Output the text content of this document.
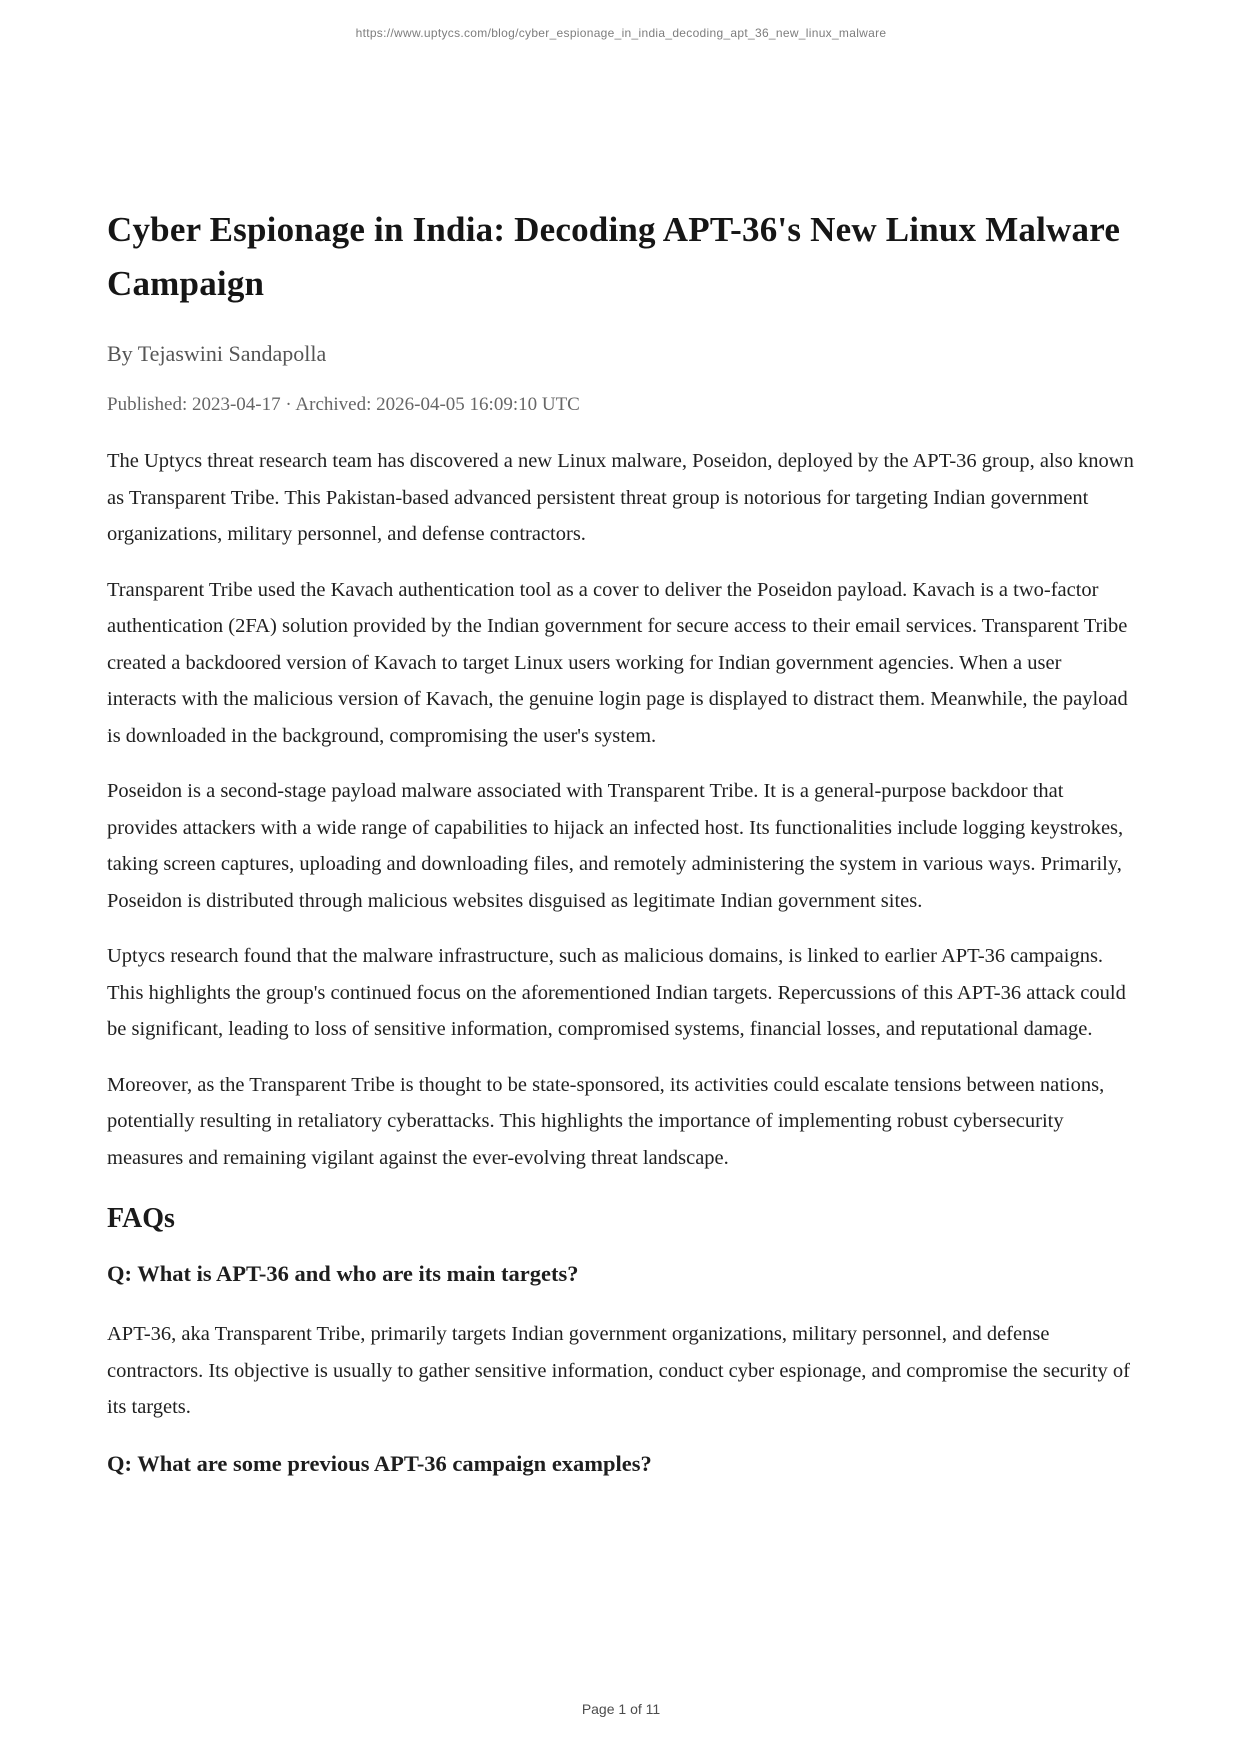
https://www.uptycs.com/blog/cyber_espionage_in_india_decoding_apt_36_new_linux_malware
Cyber Espionage in India: Decoding APT-36's New Linux Malware Campaign
By Tejaswini Sandapolla
Published: 2023-04-17 · Archived: 2026-04-05 16:09:10 UTC

The Uptycs threat research team has discovered a new Linux malware, Poseidon, deployed by the APT-36 group, also known as Transparent Tribe. This Pakistan-based advanced persistent threat group is notorious for targeting Indian government organizations, military personnel, and defense contractors.

Transparent Tribe used the Kavach authentication tool as a cover to deliver the Poseidon payload. Kavach is a two-factor authentication (2FA) solution provided by the Indian government for secure access to their email services. Transparent Tribe created a backdoored version of Kavach to target Linux users working for Indian government agencies. When a user interacts with the malicious version of Kavach, the genuine login page is displayed to distract them. Meanwhile, the payload is downloaded in the background, compromising the user's system.

Poseidon is a second-stage payload malware associated with Transparent Tribe. It is a general-purpose backdoor that provides attackers with a wide range of capabilities to hijack an infected host. Its functionalities include logging keystrokes, taking screen captures, uploading and downloading files, and remotely administering the system in various ways. Primarily, Poseidon is distributed through malicious websites disguised as legitimate Indian government sites.

Uptycs research found that the malware infrastructure, such as malicious domains, is linked to earlier APT-36 campaigns. This highlights the group's continued focus on the aforementioned Indian targets. Repercussions of this APT-36 attack could be significant, leading to loss of sensitive information, compromised systems, financial losses, and reputational damage.

Moreover, as the Transparent Tribe is thought to be state-sponsored, its activities could escalate tensions between nations, potentially resulting in retaliatory cyberattacks. This highlights the importance of implementing robust cybersecurity measures and remaining vigilant against the ever-evolving threat landscape.

FAQs
Q: What is APT-36 and who are its main targets?

APT-36, aka Transparent Tribe, primarily targets Indian government organizations, military personnel, and defense contractors. Its objective is usually to gather sensitive information, conduct cyber espionage, and compromise the security of its targets.

Q: What are some previous APT-36 campaign examples?
Page 1 of 11
